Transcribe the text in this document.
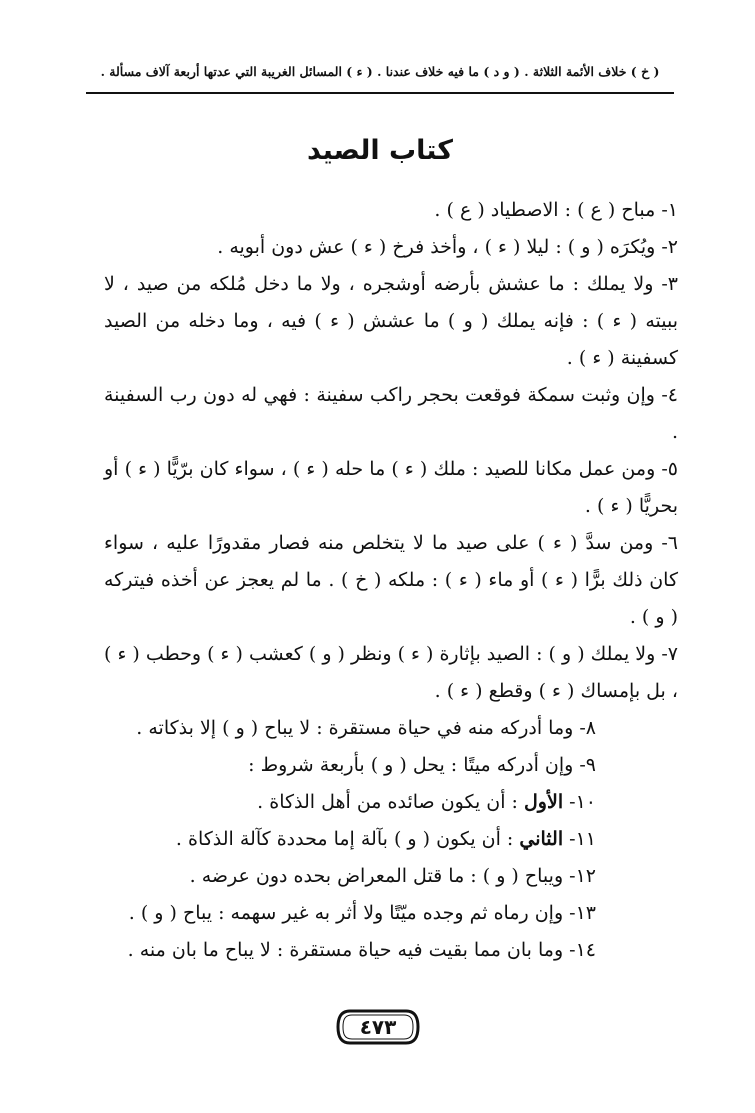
( خ ) خلاف الأئمة الثلاثة . ( و د ) ما فيه خلاف عندنا . ( ء ) المسائل الغريبة التي عدتها أربعة آلاف مسألة .
كتاب الصيد

١- مباح ( ع ) : الاصطياد ( ع ) .

٢- ويُكرَه ( و ) : ليلا ( ء ) ، وأخذ فرخ ( ء ) عش دون أبويه .

٣- ولا يملك : ما عشش بأرضه أوشجره ، ولا ما دخل مُلكه من صيد ، لا ببيته ( ء ) : فإنه يملك ( و ) ما عشش ( ء ) فيه ، وما دخله من الصيد كسفينة ( ء ) .

٤- وإن وثبت سمكة فوقعت بحجر راكب سفينة : فهي له دون رب السفينة .

٥- ومن عمل مكانا للصيد : ملك ( ء ) ما حله ( ء ) ، سواء كان برّيًّا ( ء ) أو بحريًّا ( ء ) .

٦- ومن سدَّ ( ء ) على صيد ما لا يتخلص منه فصار مقدورًا عليه ، سواء كان ذلك برًّا ( ء ) أو ماء ( ء ) : ملكه ( خ ) . ما لم يعجز عن أخذه فيتركه ( و ) .

٧- ولا يملك ( و ) : الصيد بإثارة ( ء ) ونظر ( و ) كعشب ( ء ) وحطب ( ء ) ، بل بإمساك ( ء ) وقطع ( ء ) .

٨- وما أدركه منه في حياة مستقرة : لا يباح ( و ) إلا بذكاته .

٩- وإن أدركه ميتًا : يحل ( و ) بأربعة شروط :

١٠- الأول : أن يكون صائده من أهل الذكاة .

١١- الثاني : أن يكون ( و ) بآلة إما محددة كآلة الذكاة .

١٢- ويباح ( و ) : ما قتل المعراض بحده دون عرضه .

١٣- وإن رماه ثم وجده ميّتًا ولا أثر به غير سهمه : يباح ( و ) .

١٤- وما بان مما بقيت فيه حياة مستقرة : لا يباح ما بان منه .

٤٧٣
